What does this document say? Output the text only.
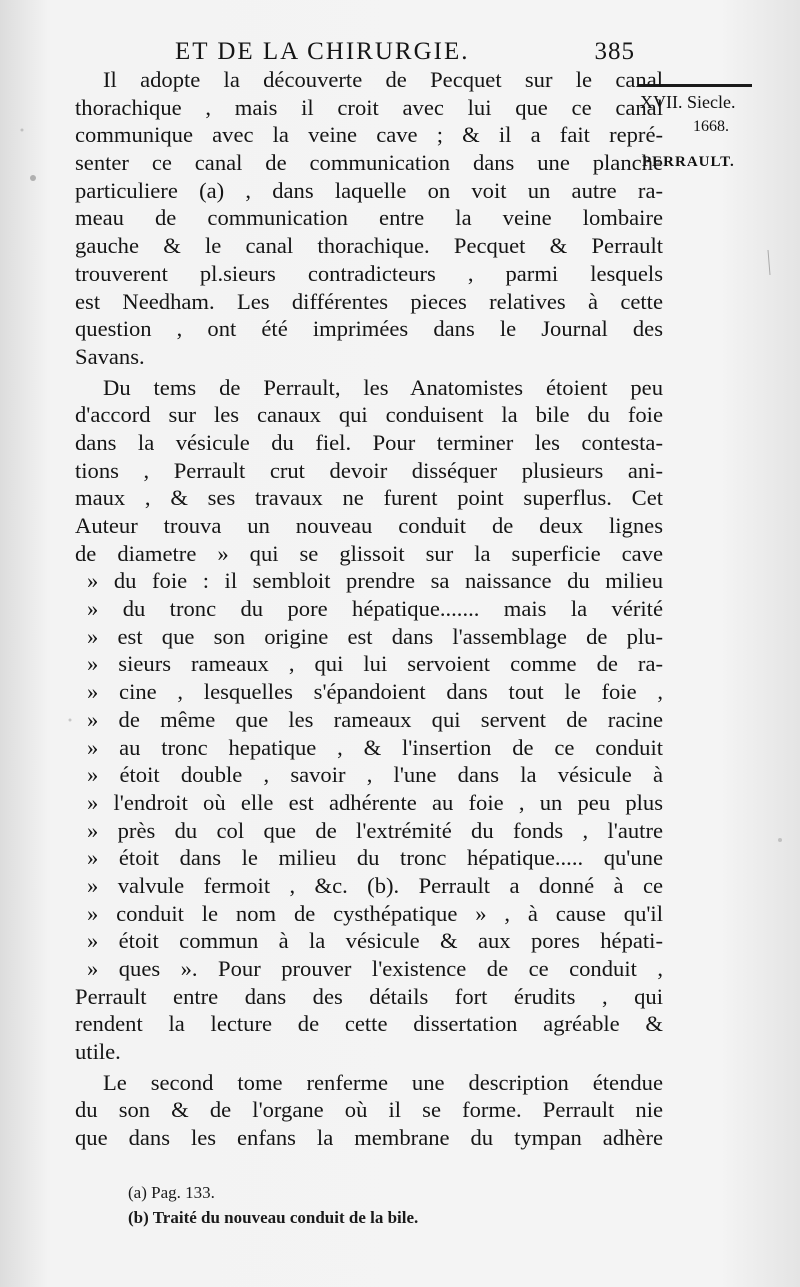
ET DE LA CHIRURGIE.	385
XVII. Siecle.
1668.
PERRAULT.

Il adopte la découverte de Pecquet sur le canal
thorachique , mais il croit avec lui que ce canal
communique avec la veine cave ; & il a fait repré-
senter ce canal de communication dans une planche
particuliere (a) , dans laquelle on voit un autre ra-
meau de communication entre la veine lombaire
gauche & le canal thorachique. Pecquet & Perrault
trouverent pl.sieurs contradicteurs , parmi lesquels
est Needham. Les différentes pieces relatives à cette
question , ont été imprimées dans le Journal des
Savans.

Du tems de Perrault, les Anatomistes étoient peu
d'accord sur les canaux qui conduisent la bile du foie
dans la vésicule du fiel. Pour terminer les contesta-
tions , Perrault crut devoir disséquer plusieurs ani-
maux , & ses travaux ne furent point superflus. Cet
Auteur trouva un nouveau conduit de deux lignes
de diametre » qui se glissoit sur la superficie cave
» du foie : il sembloit prendre sa naissance du milieu
» du tronc du pore hépatique....... mais la vérité
» est que son origine est dans l'assemblage de plu-
» sieurs rameaux , qui lui servoient comme de ra-
» cine , lesquelles s'épandoient dans tout le foie ,
» de même que les rameaux qui servent de racine
» au tronc hepatique , & l'insertion de ce conduit
» étoit double , savoir , l'une dans la vésicule à
» l'endroit où elle est adhérente au foie , un peu plus
» près du col que de l'extrémité du fonds , l'autre
» étoit dans le milieu du tronc hépatique..... qu'une
» valvule fermoit , &c. (b). Perrault a donné à ce
» conduit le nom de cysthépatique » , à cause qu'il
» étoit commun à la vésicule & aux pores hépati-
» ques ». Pour prouver l'existence de ce conduit ,
Perrault entre dans des détails fort érudits , qui
rendent la lecture de cette dissertation agréable &
utile.

Le second tome renferme une description étendue
du son & de l'organe où il se forme. Perrault nie
que dans les enfans la membrane du tympan adhère

(a) Pag. 133.
(b) Traité du nouveau conduit de la bile.
